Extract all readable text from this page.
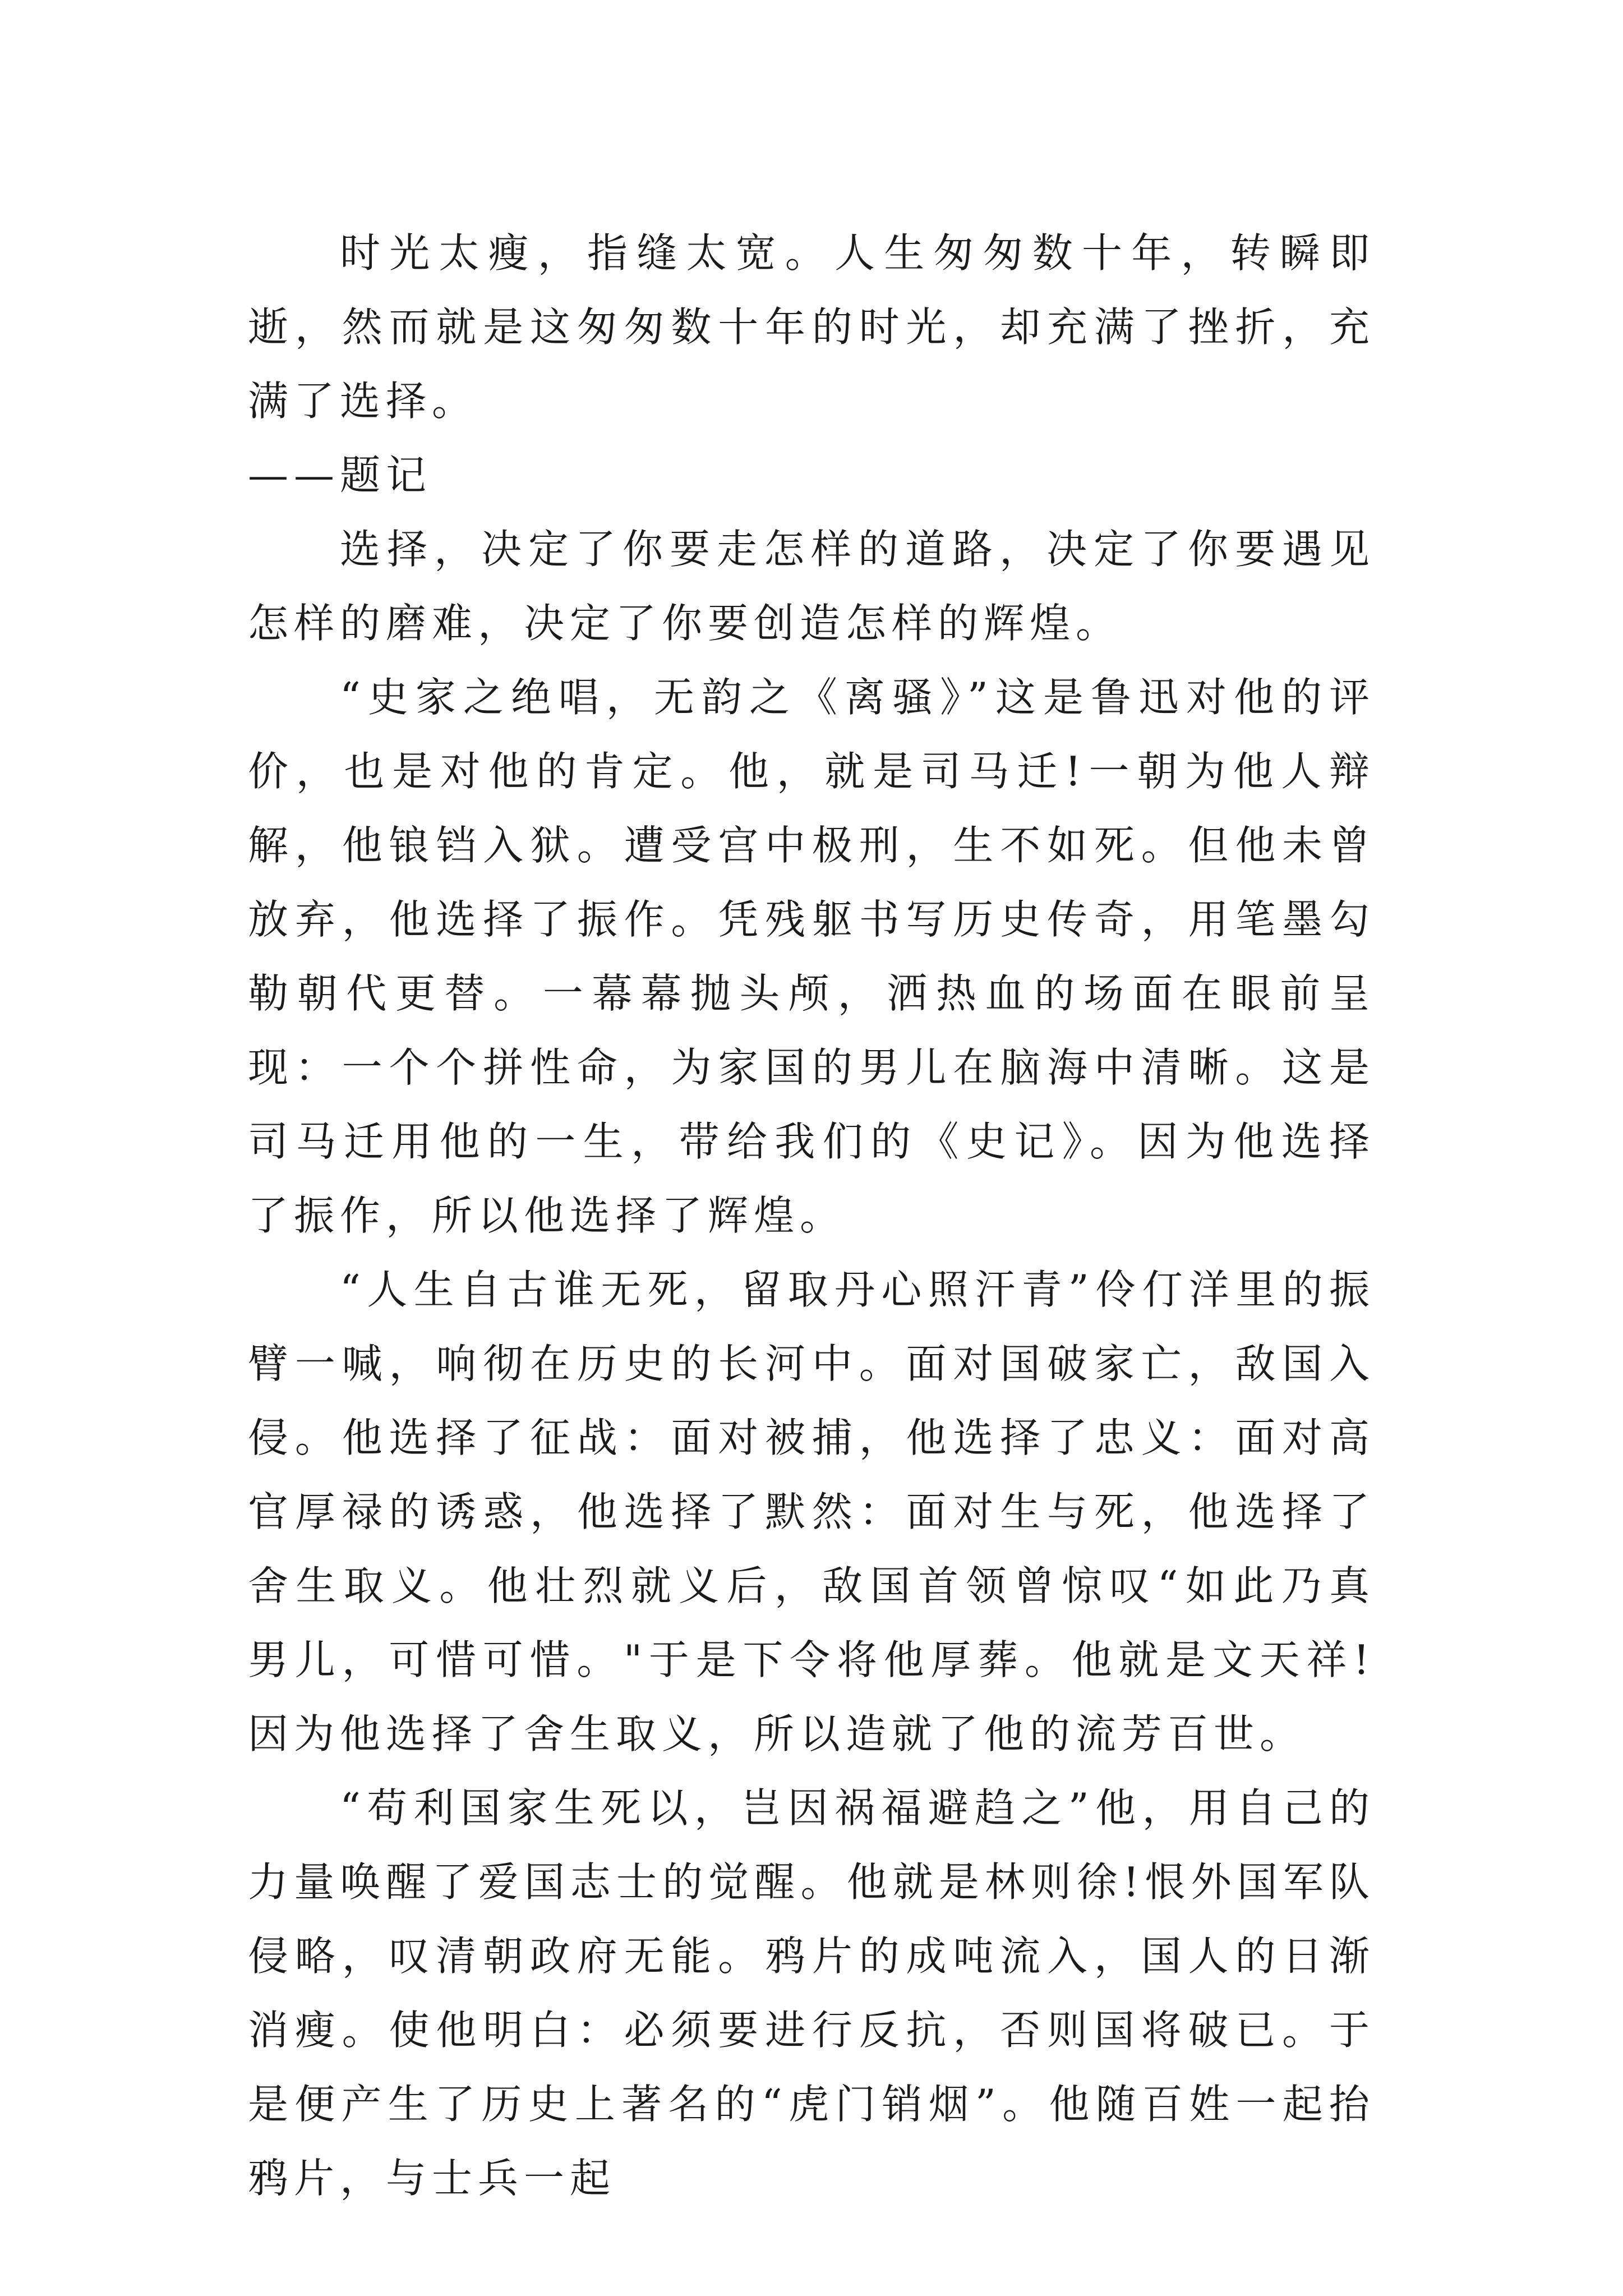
时光太瘦，指缝太宽。人生匆匆数十年，转瞬即逝，然而就是这匆匆数十年的时光，却充满了挫折，充满了选择。

——题记

选择，决定了你要走怎样的道路，决定了你要遇见怎样的磨难，决定了你要创造怎样的辉煌。

“史家之绝唱，无韵之《离骚》”这是鲁迅对他的评价，也是对他的肯定。他，就是司马迁!一朝为他人辩解，他锒铛入狱。遭受宫中极刑，生不如死。但他未曾放弃，他选择了振作。凭残躯书写历史传奇，用笔墨勾勒朝代更替。一幕幕抛头颅，洒热血的场面在眼前呈现：一个个拼性命，为家国的男儿在脑海中清晰。这是司马迁用他的一生，带给我们的《史记》。因为他选择了振作，所以他选择了辉煌。

“人生自古谁无死，留取丹心照汗青”伶仃洋里的振臂一喊，响彻在历史的长河中。面对国破家亡，敌国入侵。他选择了征战：面对被捕，他选择了忠义：面对高官厚禄的诱惑，他选择了默然：面对生与死，他选择了舍生取义。他壮烈就义后，敌国首领曾惊叹“如此乃真男儿，可惜可惜。"于是下令将他厚葬。他就是文天祥!因为他选择了舍生取义，所以造就了他的流芳百世。

“苟利国家生死以，岂因祸福避趋之”他，用自己的力量唤醒了爱国志士的觉醒。他就是林则徐!恨外国军队侵略，叹清朝政府无能。鸦片的成吨流入，国人的日渐消瘦。使他明白：必须要进行反抗，否则国将破已。于是便产生了历史上著名的“虎门销烟”。他随百姓一起抬鸦片，与士兵一起
